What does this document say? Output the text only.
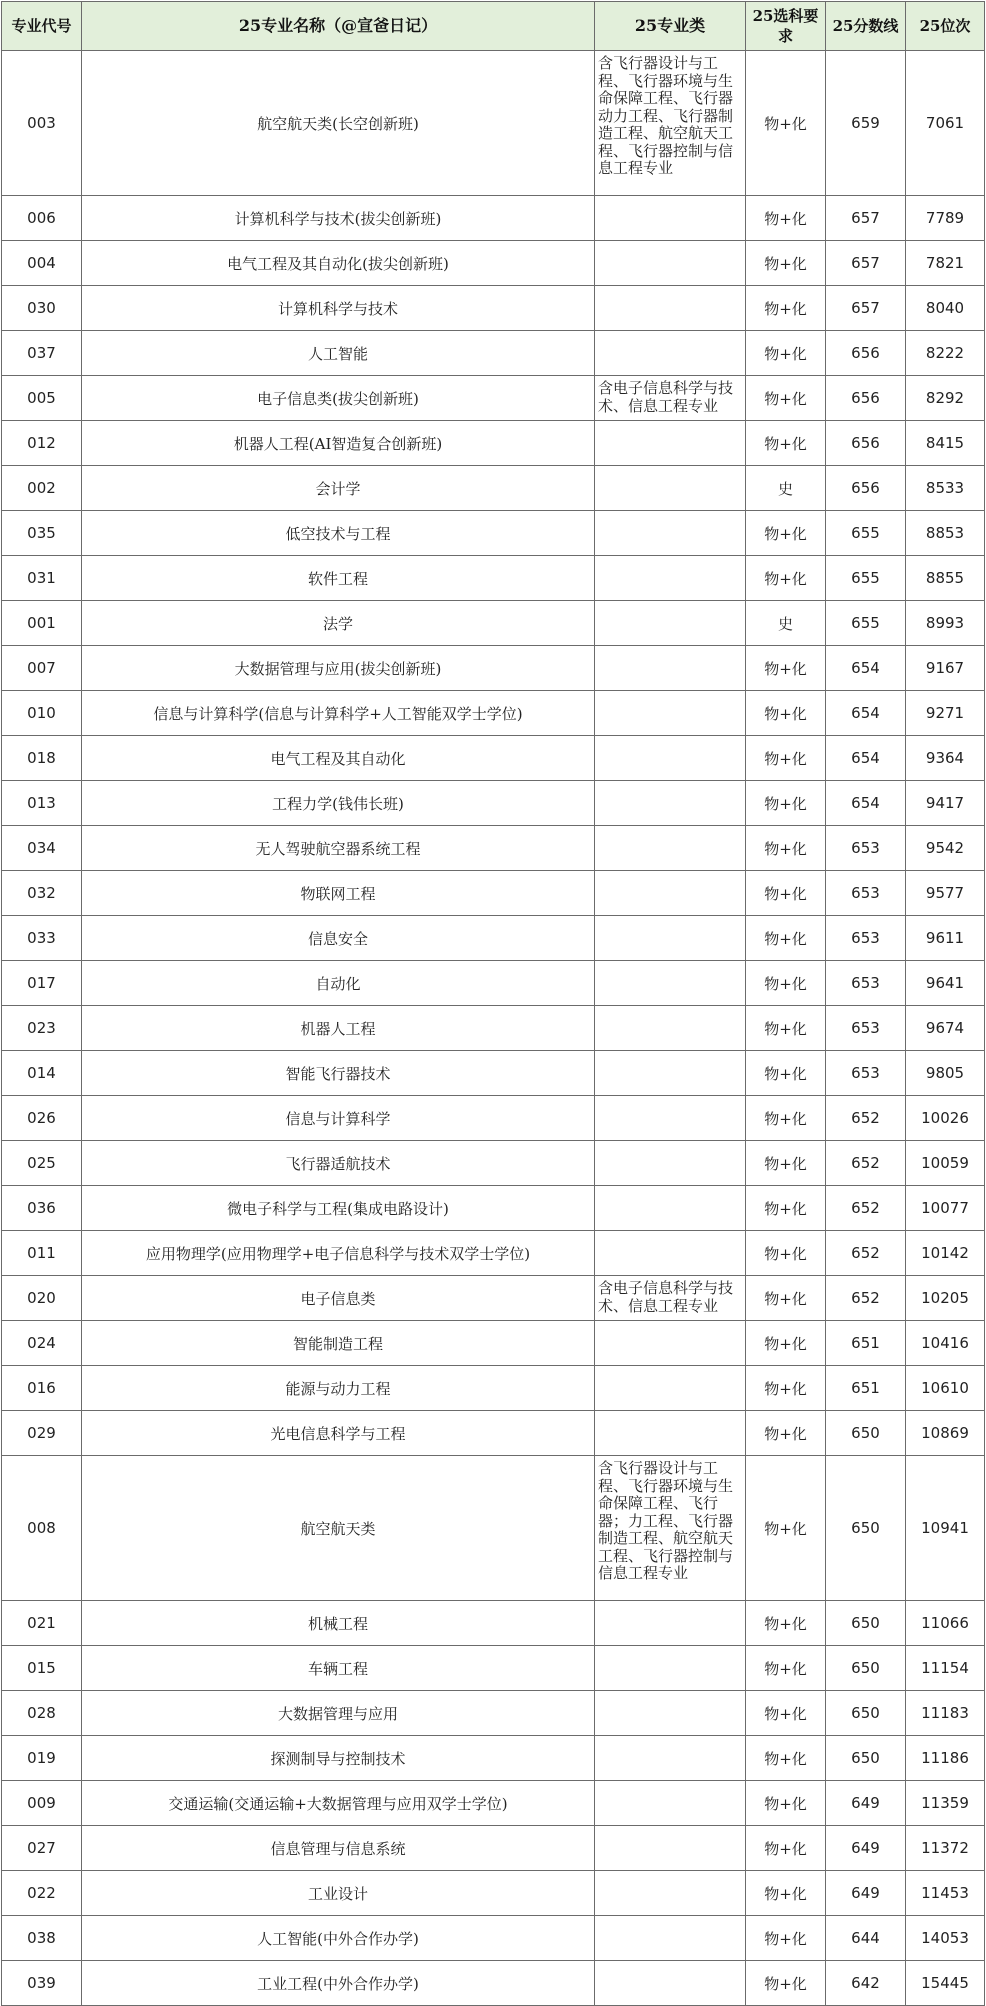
专业代号	25专业名称（@宣爸日记）	25专业类	25选科要求	25分数线	25位次
003	航空航天类(长空创新班)	含飞行器设计与工程、飞行器环境与生命保障工程、飞行器动力工程、飞行器制造工程、航空航天工程、飞行器控制与信息工程专业	物+化	659	7061
006	计算机科学与技术(拔尖创新班)		物+化	657	7789
004	电气工程及其自动化(拔尖创新班)		物+化	657	7821
030	计算机科学与技术		物+化	657	8040
037	人工智能		物+化	656	8222
005	电子信息类(拔尖创新班)	含电子信息科学与技术、信息工程专业	物+化	656	8292
012	机器人工程(AI智造复合创新班)		物+化	656	8415
002	会计学		史	656	8533
035	低空技术与工程		物+化	655	8853
031	软件工程		物+化	655	8855
001	法学		史	655	8993
007	大数据管理与应用(拔尖创新班)		物+化	654	9167
010	信息与计算科学(信息与计算科学+人工智能双学士学位)		物+化	654	9271
018	电气工程及其自动化		物+化	654	9364
013	工程力学(钱伟长班)		物+化	654	9417
034	无人驾驶航空器系统工程		物+化	653	9542
032	物联网工程		物+化	653	9577
033	信息安全		物+化	653	9611
017	自动化		物+化	653	9641
023	机器人工程		物+化	653	9674
014	智能飞行器技术		物+化	653	9805
026	信息与计算科学		物+化	652	10026
025	飞行器适航技术		物+化	652	10059
036	微电子科学与工程(集成电路设计)		物+化	652	10077
011	应用物理学(应用物理学+电子信息科学与技术双学士学位)		物+化	652	10142
020	电子信息类	含电子信息科学与技术、信息工程专业	物+化	652	10205
024	智能制造工程		物+化	651	10416
016	能源与动力工程		物+化	651	10610
029	光电信息科学与工程		物+化	650	10869
008	航空航天类	含飞行器设计与工程、飞行器环境与生命保障工程、飞行器；力工程、飞行器制造工程、航空航天工程、飞行器控制与信息工程专业	物+化	650	10941
021	机械工程		物+化	650	11066
015	车辆工程		物+化	650	11154
028	大数据管理与应用		物+化	650	11183
019	探测制导与控制技术		物+化	650	11186
009	交通运输(交通运输+大数据管理与应用双学士学位)		物+化	649	11359
027	信息管理与信息系统		物+化	649	11372
022	工业设计		物+化	649	11453
038	人工智能(中外合作办学)		物+化	644	14053
039	工业工程(中外合作办学)		物+化	642	15445
